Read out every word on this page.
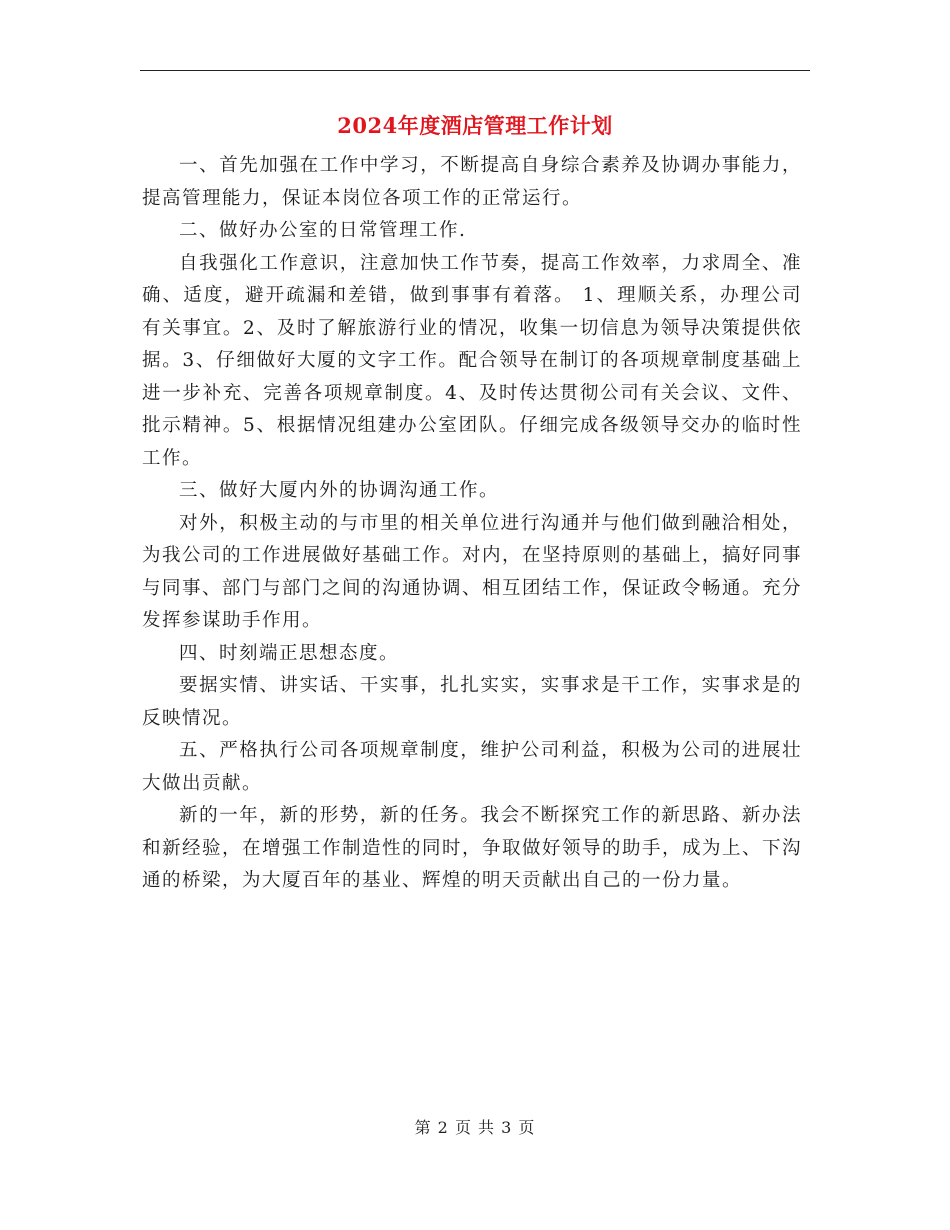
2024年度酒店管理工作计划

一、首先加强在工作中学习，不断提高自身综合素养及协调办事能力，提高管理能力，保证本岗位各项工作的正常运行。

二、做好办公室的日常管理工作.

自我强化工作意识，注意加快工作节奏，提高工作效率，力求周全、准确、适度，避开疏漏和差错，做到事事有着落。 1、理顺关系，办理公司有关事宜。2、及时了解旅游行业的情况，收集一切信息为领导决策提供依据。3、仔细做好大厦的文字工作。配合领导在制订的各项规章制度基础上进一步补充、完善各项规章制度。4、及时传达贯彻公司有关会议、文件、批示精神。5、根据情况组建办公室团队。仔细完成各级领导交办的临时性工作。

三、做好大厦内外的协调沟通工作。

对外，积极主动的与市里的相关单位进行沟通并与他们做到融洽相处，为我公司的工作进展做好基础工作。对内，在坚持原则的基础上，搞好同事与同事、部门与部门之间的沟通协调、相互团结工作，保证政令畅通。充分发挥参谋助手作用。

四、时刻端正思想态度。

要据实情、讲实话、干实事，扎扎实实，实事求是干工作，实事求是的反映情况。

五、严格执行公司各项规章制度，维护公司利益，积极为公司的进展壮大做出贡献。

新的一年，新的形势，新的任务。我会不断探究工作的新思路、新办法和新经验，在增强工作制造性的同时，争取做好领导的助手，成为上、下沟通的桥梁，为大厦百年的基业、辉煌的明天贡献出自己的一份力量。

第 2 页 共 3 页
